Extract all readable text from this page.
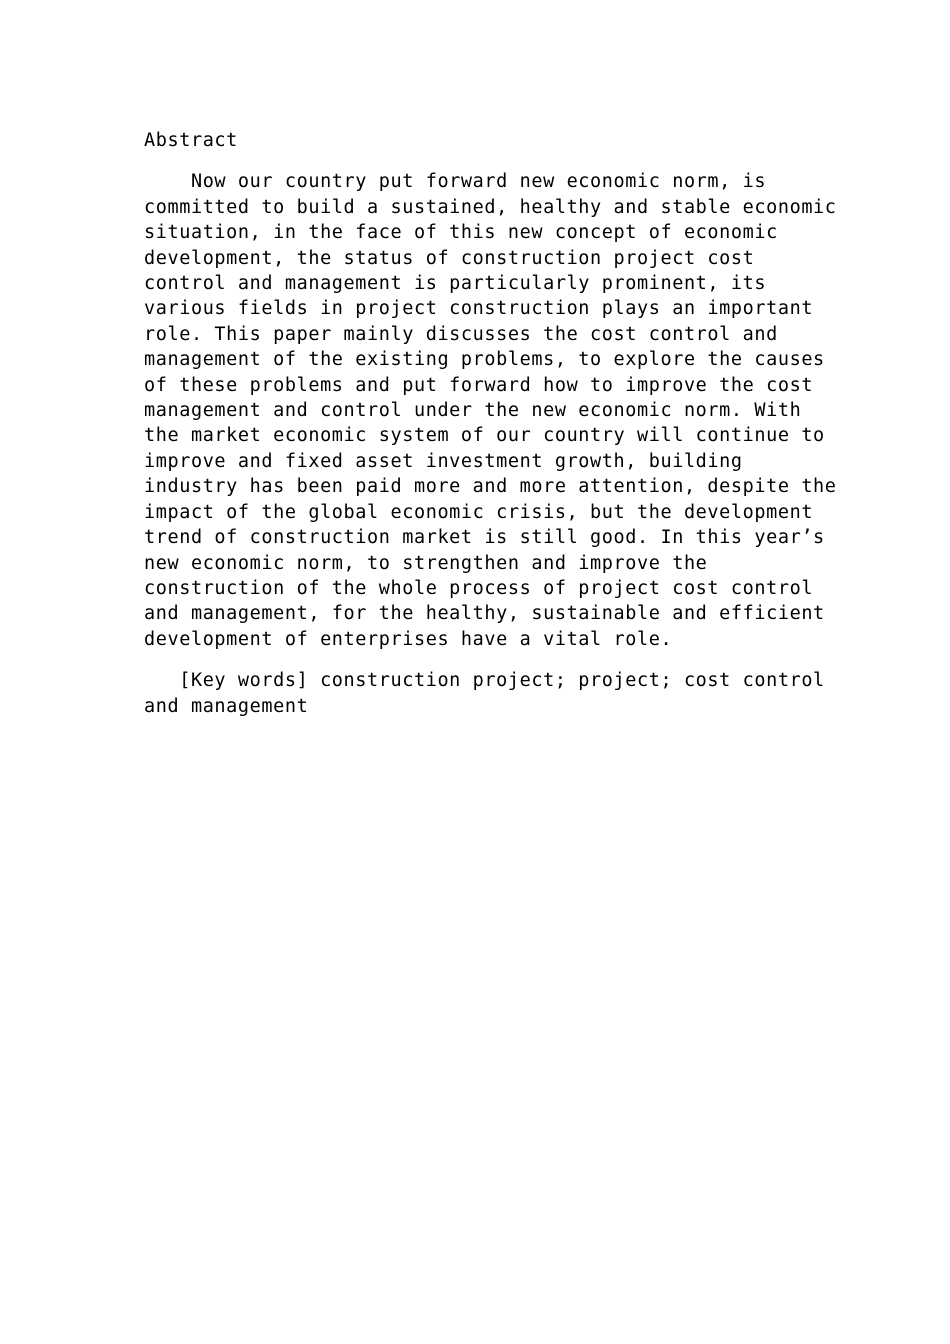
Abstract
Now our country put forward new economic norm, is
committed to build a sustained, healthy and stable economic
situation, in the face of this new concept of economic
development, the status of construction project cost
control and management is particularly prominent, its
various fields in project construction plays an important
role. This paper mainly discusses the cost control and
management of the existing problems, to explore the causes
of these problems and put forward how to improve the cost
management and control under the new economic norm. With
the market economic system of our country will continue to
improve and fixed asset investment growth, building
industry has been paid more and more attention, despite the
impact of the global economic crisis, but the development
trend of construction market is still good. In this year’s
new economic norm, to strengthen and improve the
construction of the whole process of project cost control
and management, for the healthy, sustainable and efficient
development of enterprises have a vital role.
[Key words] construction project; project; cost control
and management
